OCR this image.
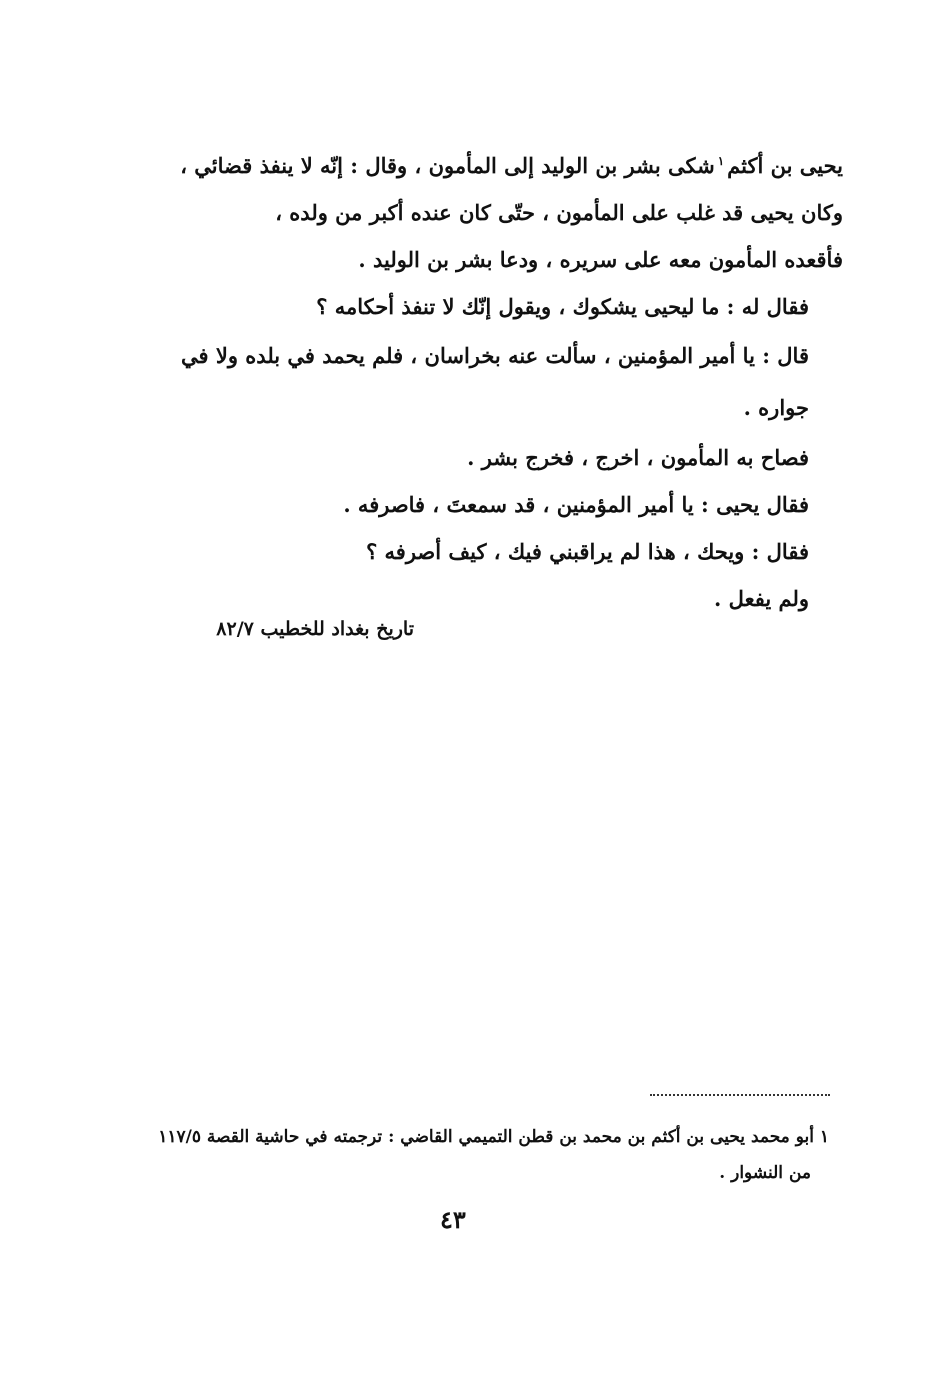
يحيى بن أكثم$^١$شكى بشر بن الوليد إلى المأمون ، وقال : إنّه لا ينفذ قضائي ،

وكان يحيى قد غلب على المأمون ، حتّى كان عنده أكبر من ولده ،

فأقعده المأمون معه على سريره ، ودعا بشر بن الوليد .

فقال له : ما ليحيى يشكوك ، ويقول إنّك لا تنفذ أحكامه ؟

قال : يا أمير المؤمنين ، سألت عنه بخراسان ، فلم يحمد في بلده ولا في جواره .

فصاح به المأمون ، اخرج ، فخرج بشر .

فقال يحيى : يا أمير المؤمنين ، قد سمعتَ ، فاصرفه .

فقال : ويحك ، هذا لم يراقبني فيك ، كيف أصرفه ؟

ولم يفعل .

تاريخ بغداد للخطيب ٨٢/٧

١ أبو محمد يحيى بن أكثم بن محمد بن قطن التميمي القاضي : ترجمته في حاشية القصة ١١٧/٥

من النشوار .

٤٣
